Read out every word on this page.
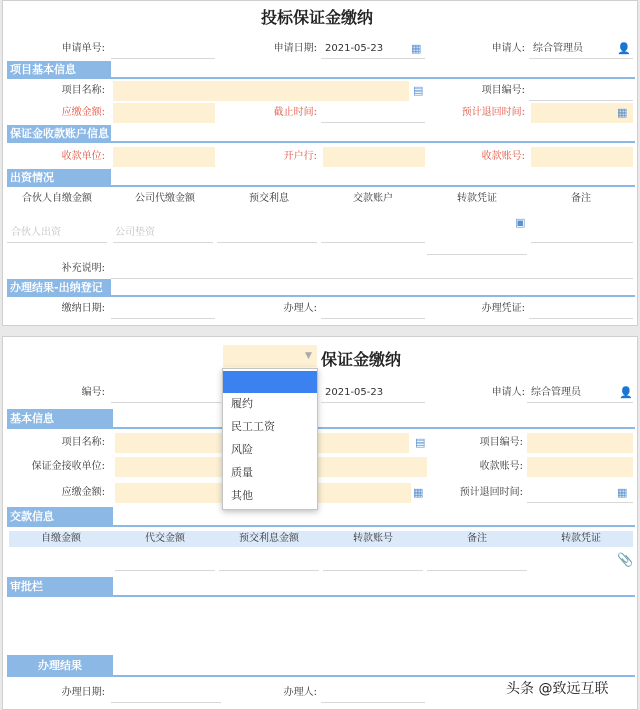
投标保证金缴纳
申请单号:	申请日期: 2021-05-23	▦	申请人: 综合管理员	👤
项目基本信息
项目名称:	▤	项目编号:
应缴金额:	截止时间:	预计退回时间:	▦
保证金收款账户信息
收款单位:	开户行:	收款账号:
出资情况
合伙人自缴金额	公司代缴金额	预交利息	交款账户	转款凭证	备注
合伙人出资	公司垫资
▣
补充说明:
办理结果-出纳登记
缴纳日期:	办理人:	办理凭证:
▼ 保证金缴纳
编号:	2021-05-23	申请人: 综合管理员	👤
基本信息
项目名称:	▤	项目编号:
保证金接收单位:	收款账号:
应缴金额:	▦	预计退回时间:	▦
交款信息
自缴金额	代交金额	预交利息金额	转款账号	备注	转款凭证
📎
审批栏
办理结果
办理日期:	办理人:
履约
民工工资
风险
质量
其他
头条 @致远互联
